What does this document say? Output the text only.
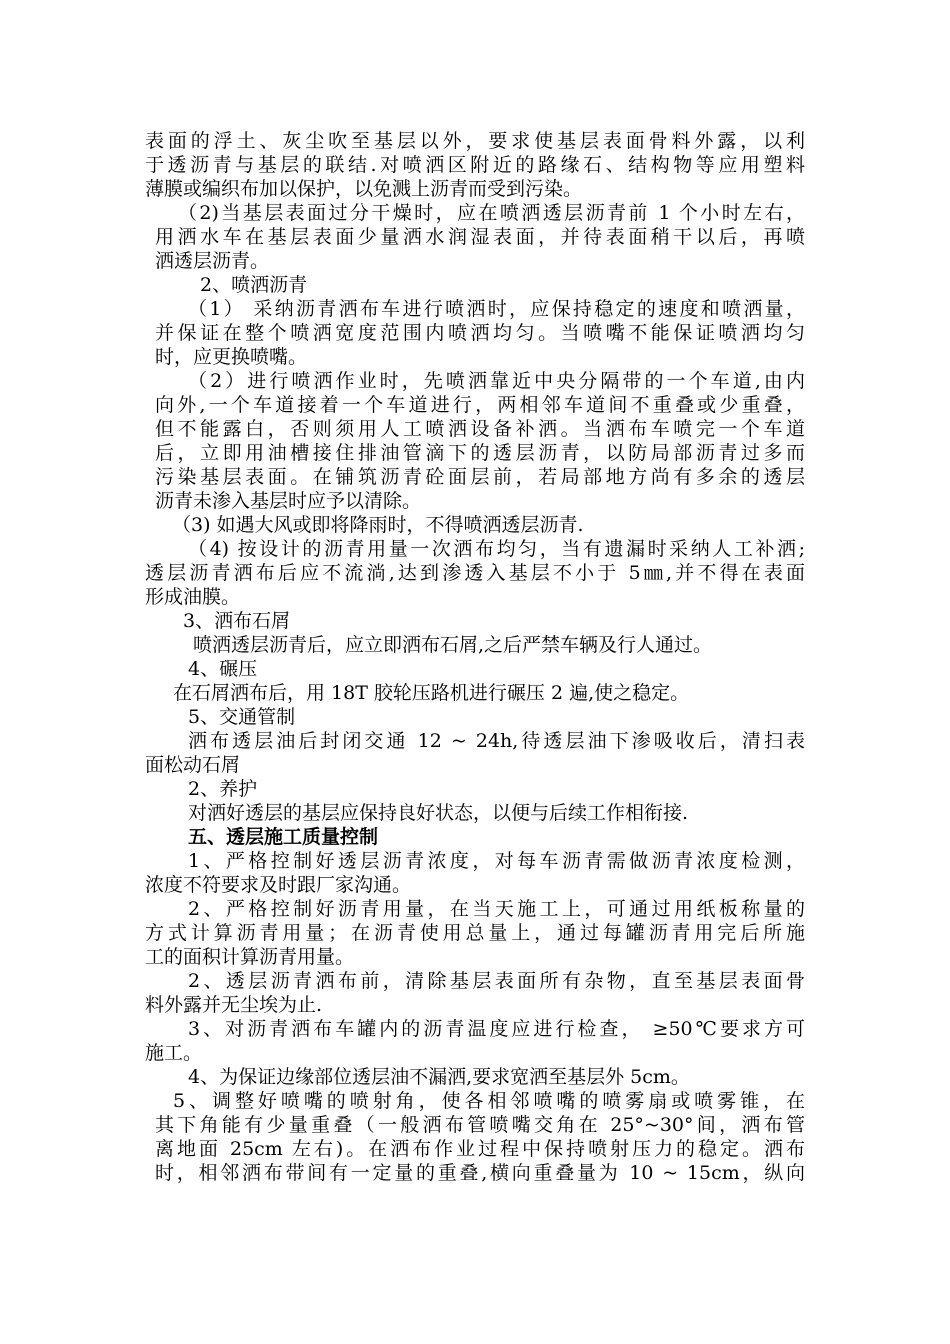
表面的浮土、灰尘吹至基层以外，要求使基层表面骨料外露，以利
于透沥青与基层的联结.对喷洒区附近的路缘石、结构物等应用塑料
薄膜或编织布加以保护，以免溅上沥青而受到污染。
（2)当基层表面过分干燥时，应在喷洒透层沥青前 1 个小时左右，
用洒水车在基层表面少量洒水润湿表面，并待表面稍干以后，再喷
洒透层沥青。
2、喷洒沥青
（1） 采纳沥青洒布车进行喷洒时，应保持稳定的速度和喷洒量，
并保证在整个喷洒宽度范围内喷洒均匀。当喷嘴不能保证喷洒均匀
时，应更换喷嘴。
（2）进行喷洒作业时，先喷洒靠近中央分隔带的一个车道,由内
向外,一个车道接着一个车道进行，两相邻车道间不重叠或少重叠，
但不能露白，否则须用人工喷洒设备补洒。当洒布车喷完一个车道
后，立即用油槽接住排油管滴下的透层沥青，以防局部沥青过多而
污染基层表面。在铺筑沥青砼面层前，若局部地方尚有多余的透层
沥青未渗入基层时应予以清除。
（3) 如遇大风或即将降雨时，不得喷洒透层沥青.
（4) 按设计的沥青用量一次洒布均匀，当有遗漏时采纳人工补洒;
透层沥青洒布后应不流淌,达到渗透入基层不小于 5㎜,并不得在表面
形成油膜。
3、洒布石屑
喷洒透层沥青后，应立即洒布石屑,之后严禁车辆及行人通过。
4、碾压
在石屑洒布后，用 18T 胶轮压路机进行碾压 2 遍,使之稳定。
5、交通管制
洒布透层油后封闭交通 12 ~ 24h,待透层油下渗吸收后，清扫表
面松动石屑
2、养护
对洒好透层的基层应保持良好状态，以便与后续工作相衔接.
五、透层施工质量控制
1、严格控制好透层沥青浓度，对每车沥青需做沥青浓度检测，
浓度不符要求及时跟厂家沟通。
2、严格控制好沥青用量，在当天施工上，可通过用纸板称量的
方式计算沥青用量；在沥青使用总量上，通过每罐沥青用完后所施
工的面积计算沥青用量。
2、透层沥青洒布前，清除基层表面所有杂物，直至基层表面骨
料外露并无尘埃为止.
3、对沥青洒布车罐内的沥青温度应进行检查， ≥50℃要求方可
施工。
4、为保证边缘部位透层油不漏洒,要求宽洒至基层外 5cm。
5、调整好喷嘴的喷射角，使各相邻喷嘴的喷雾扇或喷雾锥，在
其下角能有少量重叠（一般洒布管喷嘴交角在 25°~30°间，洒布管
离地面 25cm 左右)。在洒布作业过程中保持喷射压力的稳定。洒布
时，相邻洒布带间有一定量的重叠,横向重叠量为 10 ~ 15cm，纵向
